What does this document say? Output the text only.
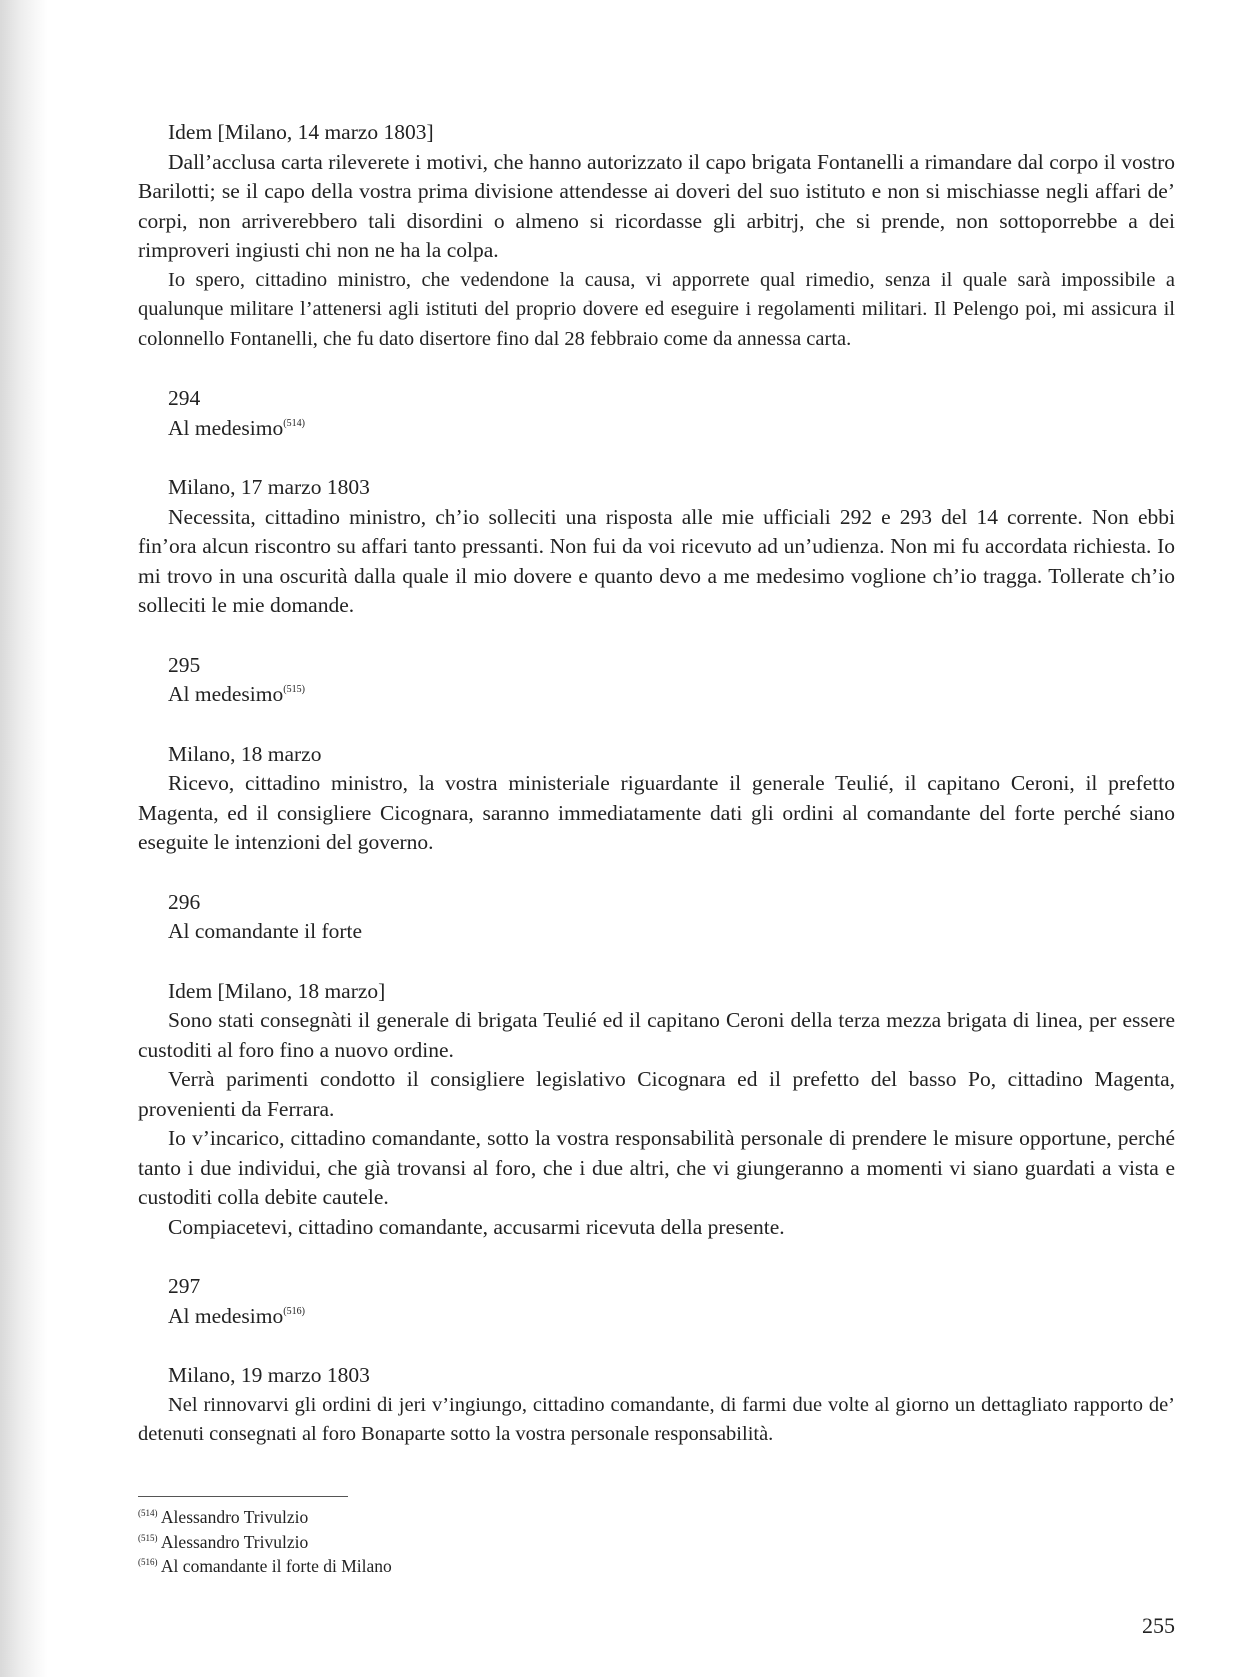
Idem [Milano, 14 marzo 1803]
Dall’acclusa carta rileverete i motivi, che hanno autorizzato il capo brigata Fontanelli a rimandare dal corpo il vostro Barilotti; se il capo della vostra prima divisione attendesse ai doveri del suo istituto e non si mischiasse negli affari de’ corpi, non arriverebbero tali disordini o almeno si ricordasse gli arbitrj, che si prende, non sottoporrebbe a dei rimproveri ingiusti chi non ne ha la colpa.
Io spero, cittadino ministro, che vedendone la causa, vi apporrete qual rimedio, senza il quale sarà impossibile a qualunque militare l’attenersi agli istituti del proprio dovere ed eseguire i regolamenti militari. Il Pelengo poi, mi assicura il colonnello Fontanelli, che fu dato disertore fino dal 28 febbraio come da annessa carta.
294
Al medesimo$^{(514)}$
Milano, 17 marzo 1803
Necessita, cittadino ministro, ch’io solleciti una risposta alle mie ufficiali 292 e 293 del 14 corrente. Non ebbi fin’ora alcun riscontro su affari tanto pressanti. Non fui da voi ricevuto ad un’udienza. Non mi fu accordata richiesta. Io mi trovo in una oscurità dalla quale il mio dovere e quanto devo a me medesimo voglione ch’io tragga. Tollerate ch’io solleciti le mie domande.
295
Al medesimo$^{(515)}$
Milano, 18 marzo
Ricevo, cittadino ministro, la vostra ministeriale riguardante il generale Teulié, il capitano Ceroni, il prefetto Magenta, ed il consigliere Cicognara, saranno immediatamente dati gli ordini al comandante del forte perché siano eseguite le intenzioni del governo.
296
Al comandante il forte
Idem [Milano, 18 marzo]
Sono stati consegnàti il generale di brigata Teulié ed il capitano Ceroni della terza mezza brigata di linea, per essere custoditi al foro fino a nuovo ordine.
Verrà parimenti condotto il consigliere legislativo Cicognara ed il prefetto del basso Po, cittadino Magenta, provenienti da Ferrara.
Io v’incarico, cittadino comandante, sotto la vostra responsabilità personale di prendere le misure opportune, perché tanto i due individui, che già trovansi al foro, che i due altri, che vi giungeranno a momenti vi siano guardati a vista e custoditi colla debite cautele.
Compiacetevi, cittadino comandante, accusarmi ricevuta della presente.
297
Al medesimo$^{(516)}$
Milano, 19 marzo 1803
Nel rinnovarvi gli ordini di jeri v’ingiungo, cittadino comandante, di farmi due volte al giorno un dettagliato rapporto de’ detenuti consegnati al foro Bonaparte sotto la vostra personale responsabilità.
$^{(514)}$ Alessandro Trivulzio
$^{(515)}$ Alessandro Trivulzio
$^{(516)}$ Al comandante il forte di Milano
255
